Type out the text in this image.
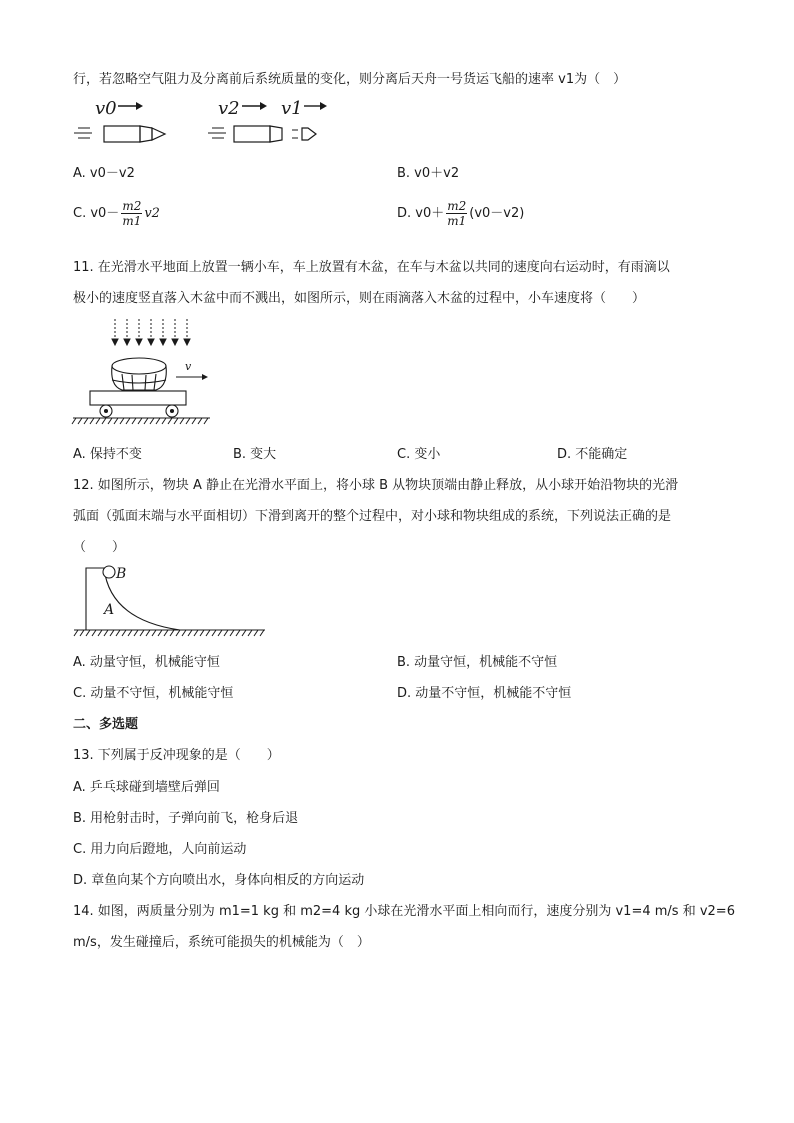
行，若忽略空气阻力及分离前后系统质量的变化，则分离后天舟一号货运飞船的速率 v1为（　）
v0	v2 v1
A. v0－v2	B. v0＋v2
C. $v0- \frac{m2}{m1} v2$	D. $v0+ \frac{m2}{m1} (v0-v2)$
11. 在光滑水平地面上放置一辆小车，车上放置有木盆，在车与木盆以共同的速度向右运动时，有雨滴以
极小的速度竖直落入木盆中而不溅出，如图所示，则在雨滴落入木盆的过程中，小车速度将（　　）
v
A. 保持不变	B. 变大	C. 变小	D. 不能确定
12. 如图所示，物块 A 静止在光滑水平面上，将小球 B 从物块顶端由静止释放，从小球开始沿物块的光滑
弧面（弧面末端与水平面相切）下滑到离开的整个过程中，对小球和物块组成的系统，下列说法正确的是
（　　）
B
A
A. 动量守恒，机械能守恒	B. 动量守恒，机械能不守恒
C. 动量不守恒，机械能守恒	D. 动量不守恒，机械能不守恒
二、多选题
13. 下列属于反冲现象的是（　　）
A. 乒乓球碰到墙壁后弹回
B. 用枪射击时，子弹向前飞，枪身后退
C. 用力向后蹬地，人向前运动
D. 章鱼向某个方向喷出水，身体向相反的方向运动
14. 如图，两质量分别为 m1=1 kg 和 m2=4 kg 小球在光滑水平面上相向而行，速度分别为 v1=4 m/s 和 v2=6
m/s，发生碰撞后，系统可能损失的机械能为（　）
